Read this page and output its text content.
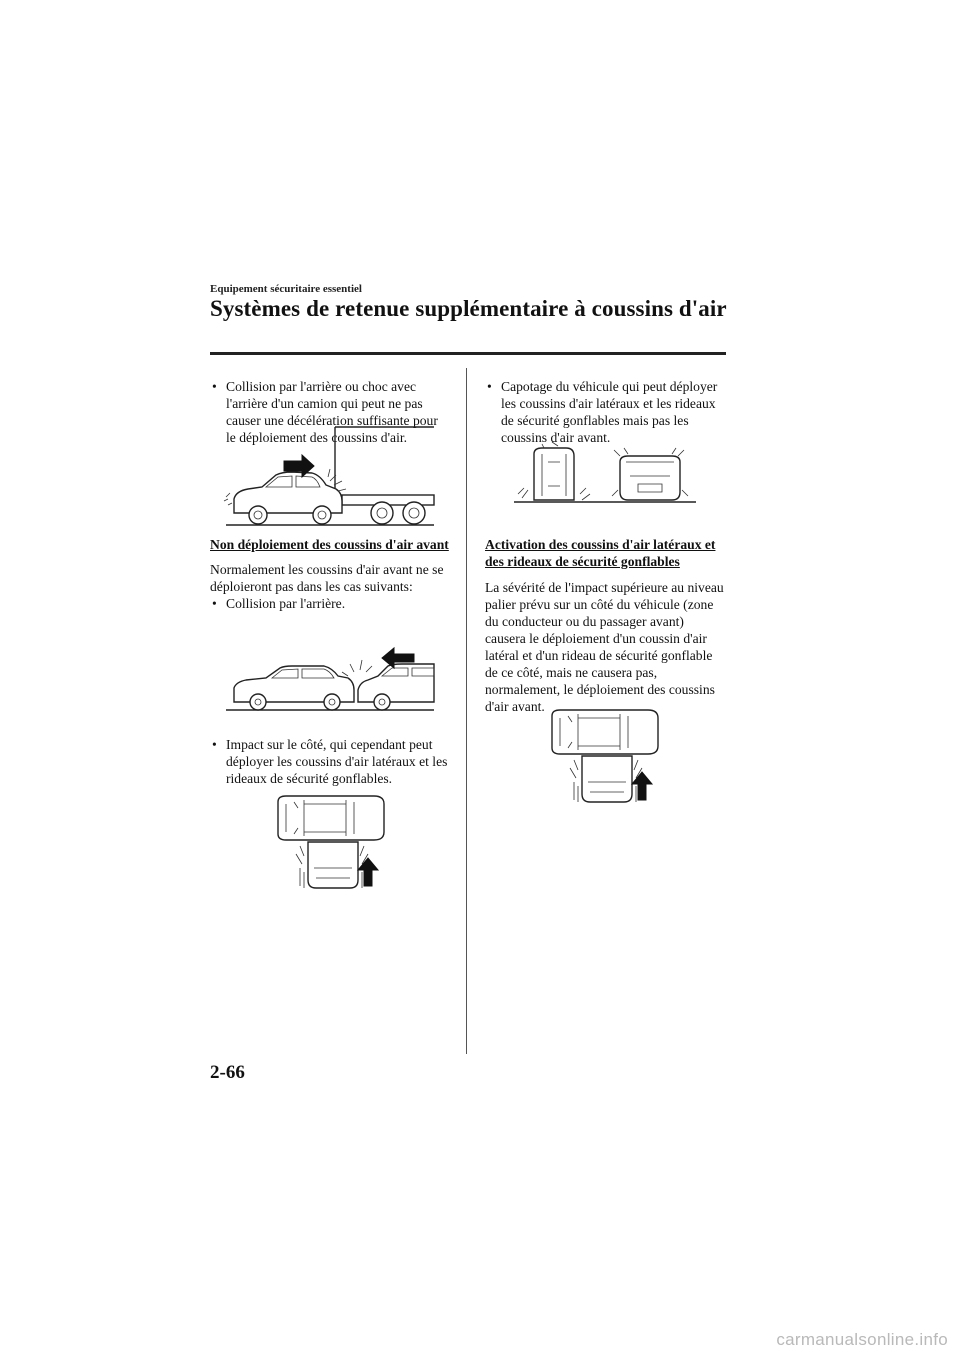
Equipement sécuritaire essentiel
Systèmes de retenue supplémentaire à coussins d'air

• Collision par l'arrière ou choc avec l'arrière d'un camion qui peut ne pas causer une décélération suffisante pour le déploiement des coussins d'air.

Non déploiement des coussins d'air avant

Normalement les coussins d'air avant ne se déploieront pas dans les cas suivants:

• Collision par l'arrière.

• Impact sur le côté, qui cependant peut déployer les coussins d'air latéraux et les rideaux de sécurité gonflables.

• Capotage du véhicule qui peut déployer les coussins d'air latéraux et les rideaux de sécurité gonflables mais pas les coussins d'air avant.

Activation des coussins d'air latéraux et des rideaux de sécurité gonflables

La sévérité de l'impact supérieure au niveau palier prévu sur un côté du véhicule (zone du conducteur ou du passager avant) causera le déploiement d'un coussin d'air latéral et d'un rideau de sécurité gonflable de ce côté, mais ne causera pas, normalement, le déploiement des coussins d'air avant.

2-66
carmanualsonline.info
